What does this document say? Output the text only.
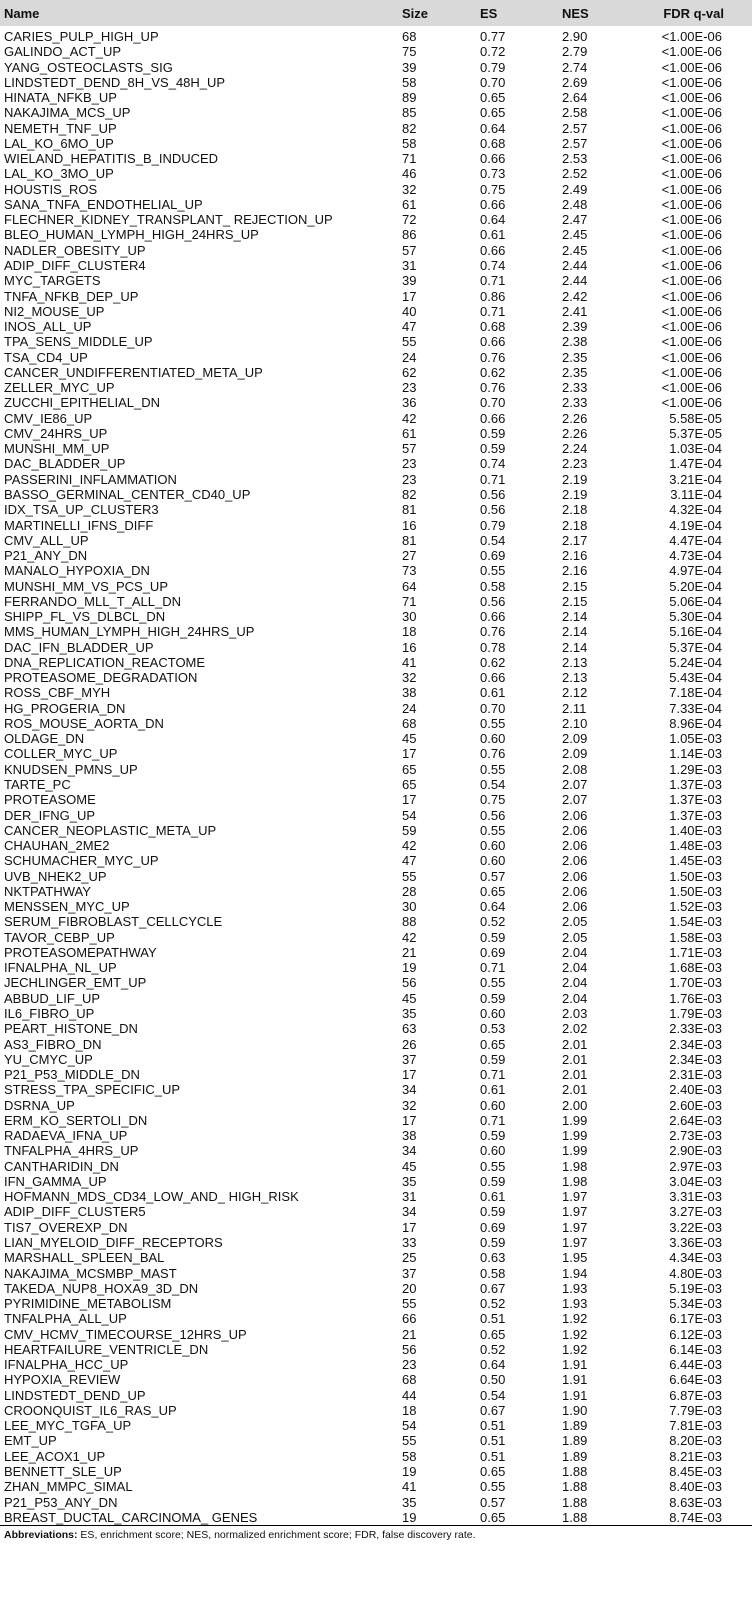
Name	Size	ES	NES	FDR q-val
CARIES_PULP_HIGH_UP	68	0.77	2.90	<1.00E-06
GALINDO_ACT_UP	75	0.72	2.79	<1.00E-06
YANG_OSTEOCLASTS_SIG	39	0.79	2.74	<1.00E-06
LINDSTEDT_DEND_8H_VS_48H_UP	58	0.70	2.69	<1.00E-06
HINATA_NFKB_UP	89	0.65	2.64	<1.00E-06
NAKAJIMA_MCS_UP	85	0.65	2.58	<1.00E-06
NEMETH_TNF_UP	82	0.64	2.57	<1.00E-06
LAL_KO_6MO_UP	58	0.68	2.57	<1.00E-06
WIELAND_HEPATITIS_B_INDUCED	71	0.66	2.53	<1.00E-06
LAL_KO_3MO_UP	46	0.73	2.52	<1.00E-06
HOUSTIS_ROS	32	0.75	2.49	<1.00E-06
SANA_TNFA_ENDOTHELIAL_UP	61	0.66	2.48	<1.00E-06
FLECHNER_KIDNEY_TRANSPLANT_ REJECTION_UP	72	0.64	2.47	<1.00E-06
BLEO_HUMAN_LYMPH_HIGH_24HRS_UP	86	0.61	2.45	<1.00E-06
NADLER_OBESITY_UP	57	0.66	2.45	<1.00E-06
ADIP_DIFF_CLUSTER4	31	0.74	2.44	<1.00E-06
MYC_TARGETS	39	0.71	2.44	<1.00E-06
TNFA_NFKB_DEP_UP	17	0.86	2.42	<1.00E-06
NI2_MOUSE_UP	40	0.71	2.41	<1.00E-06
INOS_ALL_UP	47	0.68	2.39	<1.00E-06
TPA_SENS_MIDDLE_UP	55	0.66	2.38	<1.00E-06
TSA_CD4_UP	24	0.76	2.35	<1.00E-06
CANCER_UNDIFFERENTIATED_META_UP	62	0.62	2.35	<1.00E-06
ZELLER_MYC_UP	23	0.76	2.33	<1.00E-06
ZUCCHI_EPITHELIAL_DN	36	0.70	2.33	<1.00E-06
CMV_IE86_UP	42	0.66	2.26	5.58E-05
CMV_24HRS_UP	61	0.59	2.26	5.37E-05
MUNSHI_MM_UP	57	0.59	2.24	1.03E-04
DAC_BLADDER_UP	23	0.74	2.23	1.47E-04
PASSERINI_INFLAMMATION	23	0.71	2.19	3.21E-04
BASSO_GERMINAL_CENTER_CD40_UP	82	0.56	2.19	3.11E-04
IDX_TSA_UP_CLUSTER3	81	0.56	2.18	4.32E-04
MARTINELLI_IFNS_DIFF	16	0.79	2.18	4.19E-04
CMV_ALL_UP	81	0.54	2.17	4.47E-04
P21_ANY_DN	27	0.69	2.16	4.73E-04
MANALO_HYPOXIA_DN	73	0.55	2.16	4.97E-04
MUNSHI_MM_VS_PCS_UP	64	0.58	2.15	5.20E-04
FERRANDO_MLL_T_ALL_DN	71	0.56	2.15	5.06E-04
SHIPP_FL_VS_DLBCL_DN	30	0.66	2.14	5.30E-04
MMS_HUMAN_LYMPH_HIGH_24HRS_UP	18	0.76	2.14	5.16E-04
DAC_IFN_BLADDER_UP	16	0.78	2.14	5.37E-04
DNA_REPLICATION_REACTOME	41	0.62	2.13	5.24E-04
PROTEASOME_DEGRADATION	32	0.66	2.13	5.43E-04
ROSS_CBF_MYH	38	0.61	2.12	7.18E-04
HG_PROGERIA_DN	24	0.70	2.11	7.33E-04
ROS_MOUSE_AORTA_DN	68	0.55	2.10	8.96E-04
OLDAGE_DN	45	0.60	2.09	1.05E-03
COLLER_MYC_UP	17	0.76	2.09	1.14E-03
KNUDSEN_PMNS_UP	65	0.55	2.08	1.29E-03
TARTE_PC	65	0.54	2.07	1.37E-03
PROTEASOME	17	0.75	2.07	1.37E-03
DER_IFNG_UP	54	0.56	2.06	1.37E-03
CANCER_NEOPLASTIC_META_UP	59	0.55	2.06	1.40E-03
CHAUHAN_2ME2	42	0.60	2.06	1.48E-03
SCHUMACHER_MYC_UP	47	0.60	2.06	1.45E-03
UVB_NHEK2_UP	55	0.57	2.06	1.50E-03
NKTPATHWAY	28	0.65	2.06	1.50E-03
MENSSEN_MYC_UP	30	0.64	2.06	1.52E-03
SERUM_FIBROBLAST_CELLCYCLE	88	0.52	2.05	1.54E-03
TAVOR_CEBP_UP	42	0.59	2.05	1.58E-03
PROTEASOMEPATHWAY	21	0.69	2.04	1.71E-03
IFNALPHA_NL_UP	19	0.71	2.04	1.68E-03
JECHLINGER_EMT_UP	56	0.55	2.04	1.70E-03
ABBUD_LIF_UP	45	0.59	2.04	1.76E-03
IL6_FIBRO_UP	35	0.60	2.03	1.79E-03
PEART_HISTONE_DN	63	0.53	2.02	2.33E-03
AS3_FIBRO_DN	26	0.65	2.01	2.34E-03
YU_CMYC_UP	37	0.59	2.01	2.34E-03
P21_P53_MIDDLE_DN	17	0.71	2.01	2.31E-03
STRESS_TPA_SPECIFIC_UP	34	0.61	2.01	2.40E-03
DSRNA_UP	32	0.60	2.00	2.60E-03
ERM_KO_SERTOLI_DN	17	0.71	1.99	2.64E-03
RADAEVA_IFNA_UP	38	0.59	1.99	2.73E-03
TNFALPHA_4HRS_UP	34	0.60	1.99	2.90E-03
CANTHARIDIN_DN	45	0.55	1.98	2.97E-03
IFN_GAMMA_UP	35	0.59	1.98	3.04E-03
HOFMANN_MDS_CD34_LOW_AND_ HIGH_RISK	31	0.61	1.97	3.31E-03
ADIP_DIFF_CLUSTER5	34	0.59	1.97	3.27E-03
TIS7_OVEREXP_DN	17	0.69	1.97	3.22E-03
LIAN_MYELOID_DIFF_RECEPTORS	33	0.59	1.97	3.36E-03
MARSHALL_SPLEEN_BAL	25	0.63	1.95	4.34E-03
NAKAJIMA_MCSMBP_MAST	37	0.58	1.94	4.80E-03
TAKEDA_NUP8_HOXA9_3D_DN	20	0.67	1.93	5.19E-03
PYRIMIDINE_METABOLISM	55	0.52	1.93	5.34E-03
TNFALPHA_ALL_UP	66	0.51	1.92	6.17E-03
CMV_HCMV_TIMECOURSE_12HRS_UP	21	0.65	1.92	6.12E-03
HEARTFAILURE_VENTRICLE_DN	56	0.52	1.92	6.14E-03
IFNALPHA_HCC_UP	23	0.64	1.91	6.44E-03
HYPOXIA_REVIEW	68	0.50	1.91	6.64E-03
LINDSTEDT_DEND_UP	44	0.54	1.91	6.87E-03
CROONQUIST_IL6_RAS_UP	18	0.67	1.90	7.79E-03
LEE_MYC_TGFA_UP	54	0.51	1.89	7.81E-03
EMT_UP	55	0.51	1.89	8.20E-03
LEE_ACOX1_UP	58	0.51	1.89	8.21E-03
BENNETT_SLE_UP	19	0.65	1.88	8.45E-03
ZHAN_MMPC_SIMAL	41	0.55	1.88	8.40E-03
P21_P53_ANY_DN	35	0.57	1.88	8.63E-03
BREAST_DUCTAL_CARCINOMA_ GENES	19	0.65	1.88	8.74E-03
Abbreviations: ES, enrichment score; NES, normalized enrichment score; FDR, false discovery rate.
